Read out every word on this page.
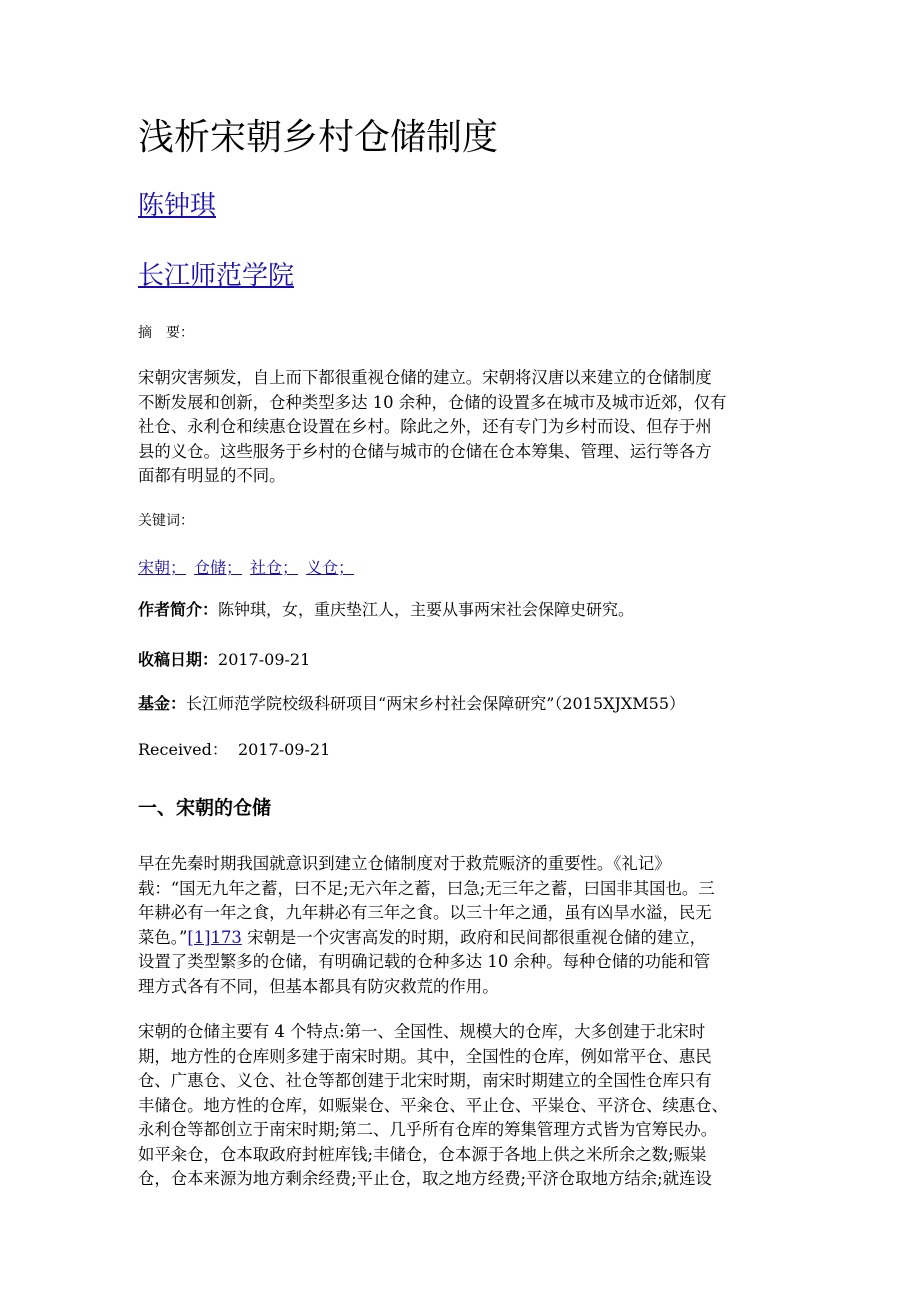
浅析宋朝乡村仓储制度
陈钟琪
长江师范学院
摘　要：
宋朝灾害频发，自上而下都很重视仓储的建立。宋朝将汉唐以来建立的仓储制度
不断发展和创新，仓种类型多达 10 余种，仓储的设置多在城市及城市近郊，仅有
社仓、永利仓和续惠仓设置在乡村。除此之外，还有专门为乡村而设、但存于州
县的义仓。这些服务于乡村的仓储与城市的仓储在仓本筹集、管理、运行等各方
面都有明显的不同。
关键词：
宋朝； 仓储； 社仓； 义仓；
作者简介：陈钟琪，女，重庆垫江人，主要从事两宋社会保障史研究。
收稿日期：2017-09-21
基金：长江师范学院校级科研项目“两宋乡村社会保障研究”（2015XJXM55）
Received： 2017-09-21
一、宋朝的仓储
早在先秦时期我国就意识到建立仓储制度对于救荒赈济的重要性。《礼记》
载：“国无九年之蓄，曰不足;无六年之蓄，曰急;无三年之蓄，曰国非其国也。三
年耕必有一年之食，九年耕必有三年之食。以三十年之通，虽有凶旱水溢，民无
菜色。”[1]173 宋朝是一个灾害高发的时期，政府和民间都很重视仓储的建立，
设置了类型繁多的仓储，有明确记载的仓种多达 10 余种。每种仓储的功能和管
理方式各有不同，但基本都具有防灾救荒的作用。
宋朝的仓储主要有 4 个特点:第一、全国性、规模大的仓库，大多创建于北宋时
期，地方性的仓库则多建于南宋时期。其中，全国性的仓库，例如常平仓、惠民
仓、广惠仓、义仓、社仓等都创建于北宋时期，南宋时期建立的全国性仓库只有
丰储仓。地方性的仓库，如赈粜仓、平籴仓、平止仓、平粜仓、平济仓、续惠仓、
永利仓等都创立于南宋时期;第二、几乎所有仓库的筹集管理方式皆为官筹民办。
如平籴仓，仓本取政府封桩库钱;丰储仓，仓本源于各地上供之米所余之数;赈粜
仓，仓本来源为地方剩余经费;平止仓，取之地方经费;平济仓取地方结余;就连设
